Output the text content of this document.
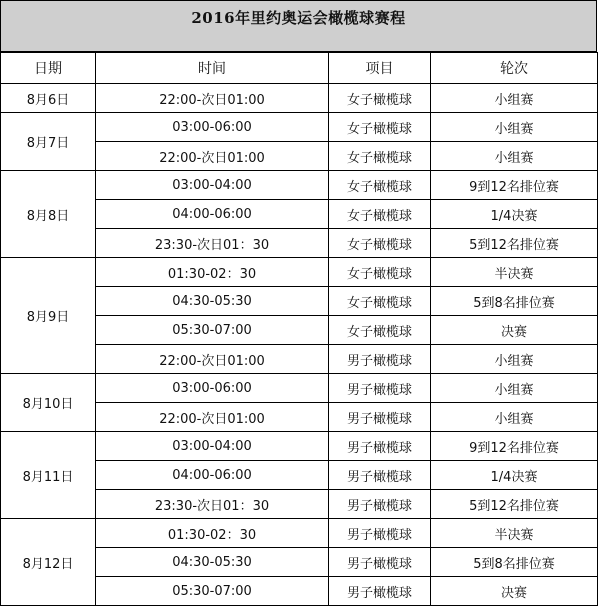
2016年里约奥运会橄榄球赛程
日期	时间	项目	轮次
8月6日	22:00-次日01:00	女子橄榄球	小组赛
8月7日	03:00-06:00	女子橄榄球	小组赛
	22:00-次日01:00	女子橄榄球	小组赛
8月8日	03:00-04:00	女子橄榄球	9到12名排位赛
	04:00-06:00	女子橄榄球	1/4决赛
	23:30-次日01：30	女子橄榄球	5到12名排位赛
8月9日	01:30-02：30	女子橄榄球	半决赛
	04:30-05:30	女子橄榄球	5到8名排位赛
	05:30-07:00	女子橄榄球	决赛
	22:00-次日01:00	男子橄榄球	小组赛
8月10日	03:00-06:00	男子橄榄球	小组赛
	22:00-次日01:00	男子橄榄球	小组赛
8月11日	03:00-04:00	男子橄榄球	9到12名排位赛
	04:00-06:00	男子橄榄球	1/4决赛
	23:30-次日01：30	男子橄榄球	5到12名排位赛
8月12日	01:30-02：30	男子橄榄球	半决赛
	04:30-05:30	男子橄榄球	5到8名排位赛
	05:30-07:00	男子橄榄球	决赛
